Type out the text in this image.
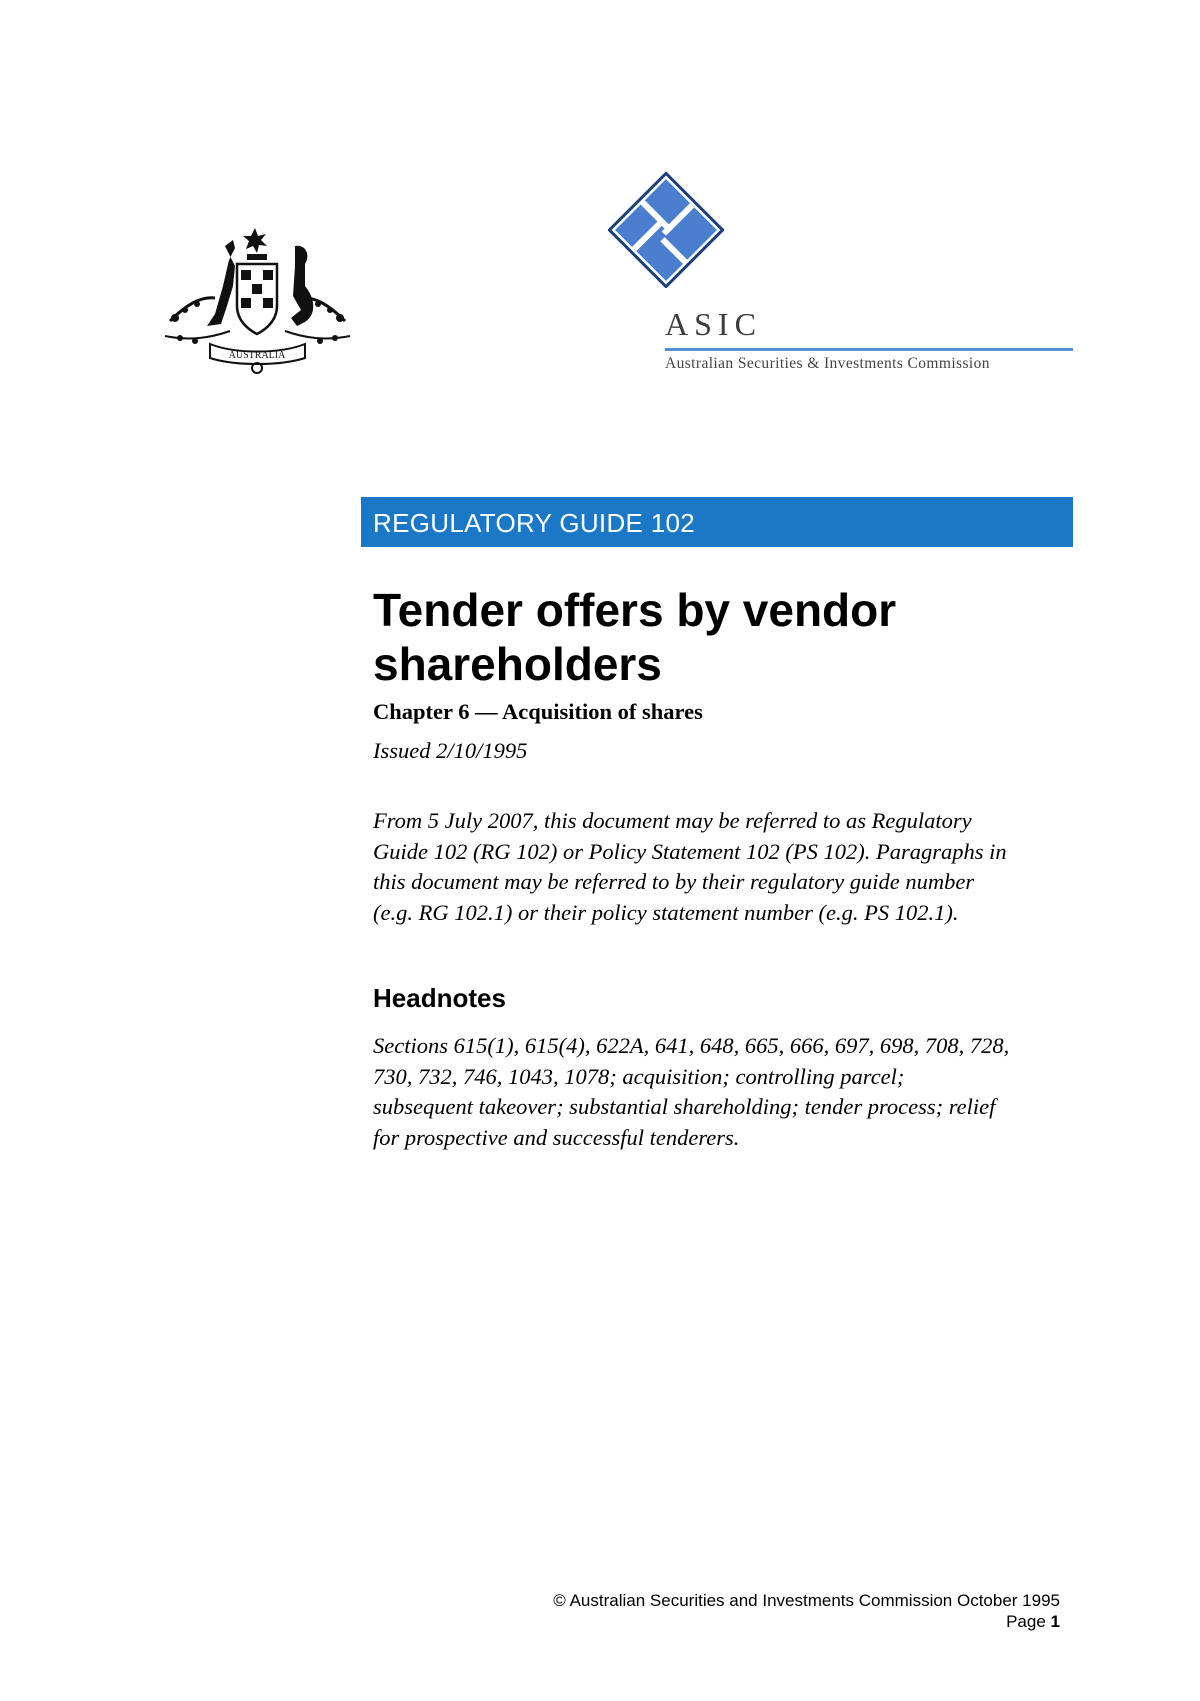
AUSTRALIA
ASIC
Australian Securities & Investments Commission
REGULATORY GUIDE 102
Tender offers by vendor
shareholders
Chapter 6 — Acquisition of shares
Issued 2/10/1995
From 5 July 2007, this document may be referred to as Regulatory
Guide 102 (RG 102) or Policy Statement 102 (PS 102). Paragraphs in
this document may be referred to by their regulatory guide number
(e.g. RG 102.1) or their policy statement number (e.g. PS 102.1).
Headnotes
Sections 615(1), 615(4), 622A, 641, 648, 665, 666, 697, 698, 708, 728,
730, 732, 746, 1043, 1078; acquisition; controlling parcel;
subsequent takeover; substantial shareholding; tender process; relief
for prospective and successful tenderers.
© Australian Securities and Investments Commission October 1995
Page 1
